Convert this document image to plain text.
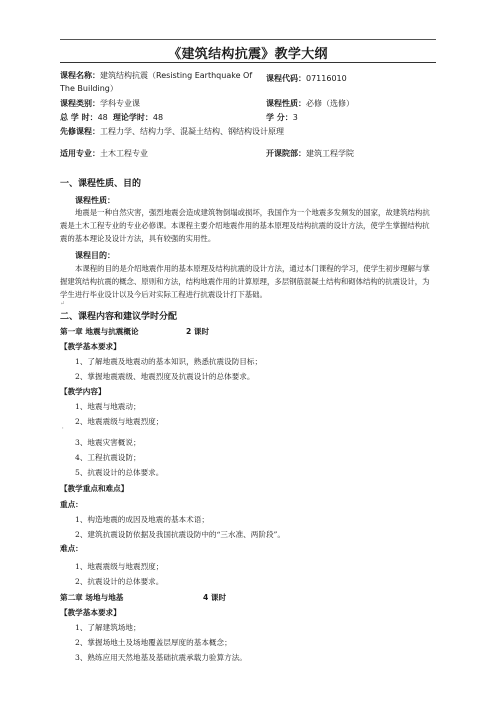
《建筑结构抗震》教学大纲
课程名称：建筑结构抗震（Resisting Earthquake Of
The Building）
课程代码：07116010
课程类别：学科专业课	课程性质：必修（选修）
总 学 时：48 理论学时：48	学 分：3
先修课程：工程力学、结构力学、混凝土结构、钢结构设计原理
适用专业：土木工程专业	开课院部：建筑工程学院
一、课程性质、目的
课程性质：
地震是一种自然灾害，强烈地震会造成建筑物倒塌或损坏，我国作为一个地震多发频发的国家，故建筑结构抗震是土木工程专业的专业必修课。本课程主要介绍地震作用的基本原理及结构抗震的设计方法，使学生掌握结构抗震的基本理论及设计方法，具有较强的实用性。
课程目的：
本课程的目的是介绍地震作用的基本原理及结构抗震的设计方法，通过本门课程的学习，使学生初步理解与掌握建筑结构抗震的概念、原则和方法，结构地震作用的计算原理，多层钢筋混凝土结构和砌体结构的抗震设计，为学生进行毕业设计以及今后对实际工程进行抗震设计打下基础。
↵
二、课程内容和建议学时分配
第一章 地震与抗震概论	2 课时
【教学基本要求】
1、了解地震及地震动的基本知识，熟悉抗震设防目标；
2、掌握地震震级、地震烈度及抗震设计的总体要求。
【教学内容】
1、地震与地震动；
2、地震震级与地震烈度；
'
3、地震灾害概说；
4、工程抗震设防；
5、抗震设计的总体要求。
【教学重点和难点】
重点：
1、构造地震的成因及地震的基本术语；
2、建筑抗震设防依据及我国抗震设防中的“三水准、两阶段”。
难点：
1、地震震级与地震烈度；
2、抗震设计的总体要求。
第二章 场地与地基	4 课时
【教学基本要求】
1、了解建筑场地；
2、掌握场地土及场地覆盖层厚度的基本概念；
3、熟练应用天然地基及基础抗震承载力验算方法。
